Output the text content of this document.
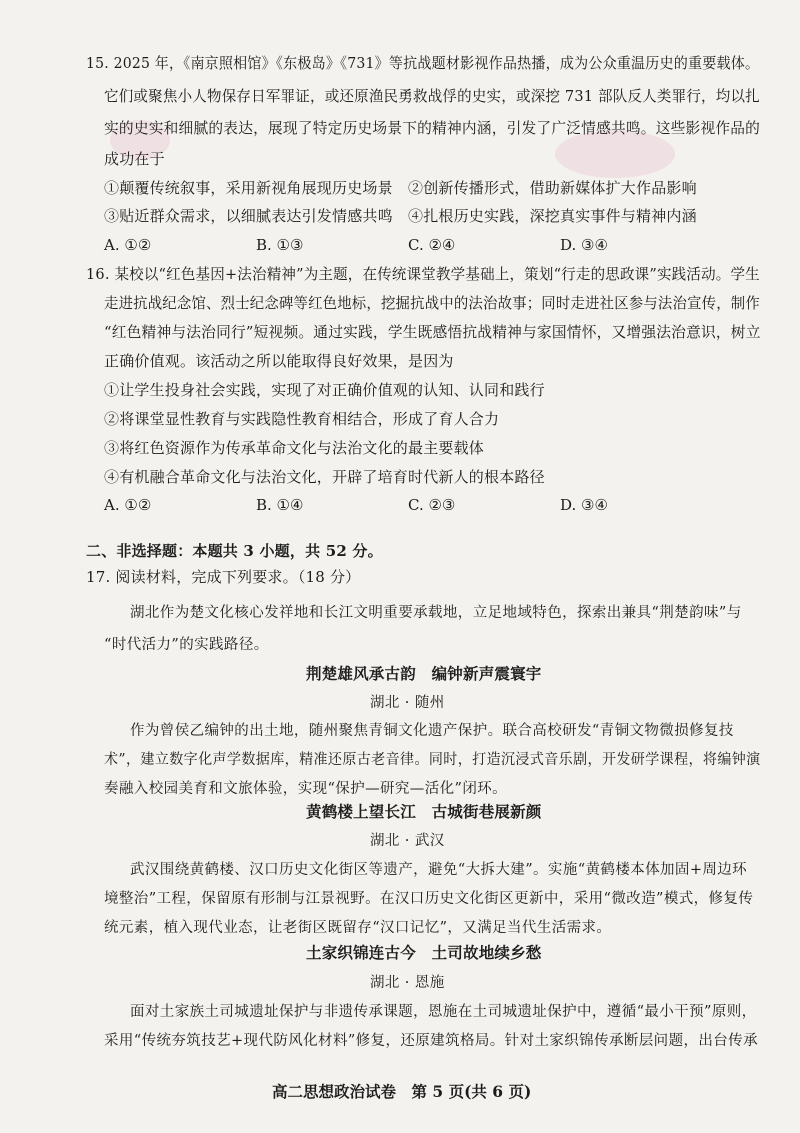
15. 2025 年，《南京照相馆》《东极岛》《731》等抗战题材影视作品热播，成为公众重温历史的重要载体。
它们或聚焦小人物保存日军罪证，或还原渔民勇救战俘的史实，或深挖 731 部队反人类罪行，均以扎
实的史实和细腻的表达，展现了特定历史场景下的精神内涵，引发了广泛情感共鸣。这些影视作品的
成功在于
①颠覆传统叙事，采用新视角展现历史场景 ②创新传播形式，借助新媒体扩大作品影响
③贴近群众需求，以细腻表达引发情感共鸣 ④扎根历史实践，深挖真实事件与精神内涵
A. ①②	B. ①③	C. ②④	D. ③④
16. 某校以“红色基因+法治精神”为主题，在传统课堂教学基础上，策划“行走的思政课”实践活动。学生
走进抗战纪念馆、烈士纪念碑等红色地标，挖掘抗战中的法治故事；同时走进社区参与法治宣传，制作
“红色精神与法治同行”短视频。通过实践，学生既感悟抗战精神与家国情怀，又增强法治意识，树立
正确价值观。该活动之所以能取得良好效果，是因为
①让学生投身社会实践，实现了对正确价值观的认知、认同和践行
②将课堂显性教育与实践隐性教育相结合，形成了育人合力
③将红色资源作为传承革命文化与法治文化的最主要载体
④有机融合革命文化与法治文化，开辟了培育时代新人的根本路径
A. ①②	B. ①④	C. ②③	D. ③④
二、非选择题：本题共 3 小题，共 52 分。
17. 阅读材料，完成下列要求。（18 分）
湖北作为楚文化核心发祥地和长江文明重要承载地，立足地域特色，探索出兼具“荆楚韵味”与
“时代活力”的实践路径。
荆楚雄风承古韵　编钟新声震寰宇
湖北 · 随州
作为曾侯乙编钟的出土地，随州聚焦青铜文化遗产保护。联合高校研发“青铜文物微损修复技
术”，建立数字化声学数据库，精准还原古老音律。同时，打造沉浸式音乐剧，开发研学课程，将编钟演
奏融入校园美育和文旅体验，实现“保护—研究—活化”闭环。
黄鹤楼上望长江　古城街巷展新颜
湖北 · 武汉
武汉围绕黄鹤楼、汉口历史文化街区等遗产，避免“大拆大建”。实施“黄鹤楼本体加固+周边环
境整治”工程，保留原有形制与江景视野。在汉口历史文化街区更新中，采用“微改造”模式，修复传
统元素，植入现代业态，让老街区既留存“汉口记忆”，又满足当代生活需求。
土家织锦连古今　土司故地续乡愁
湖北 · 恩施
面对土家族土司城遗址保护与非遗传承课题，恩施在土司城遗址保护中，遵循“最小干预”原则，
采用“传统夯筑技艺+现代防风化材料”修复，还原建筑格局。针对土家织锦传承断层问题，出台传承
高二思想政治试卷　第 5 页(共 6 页)
